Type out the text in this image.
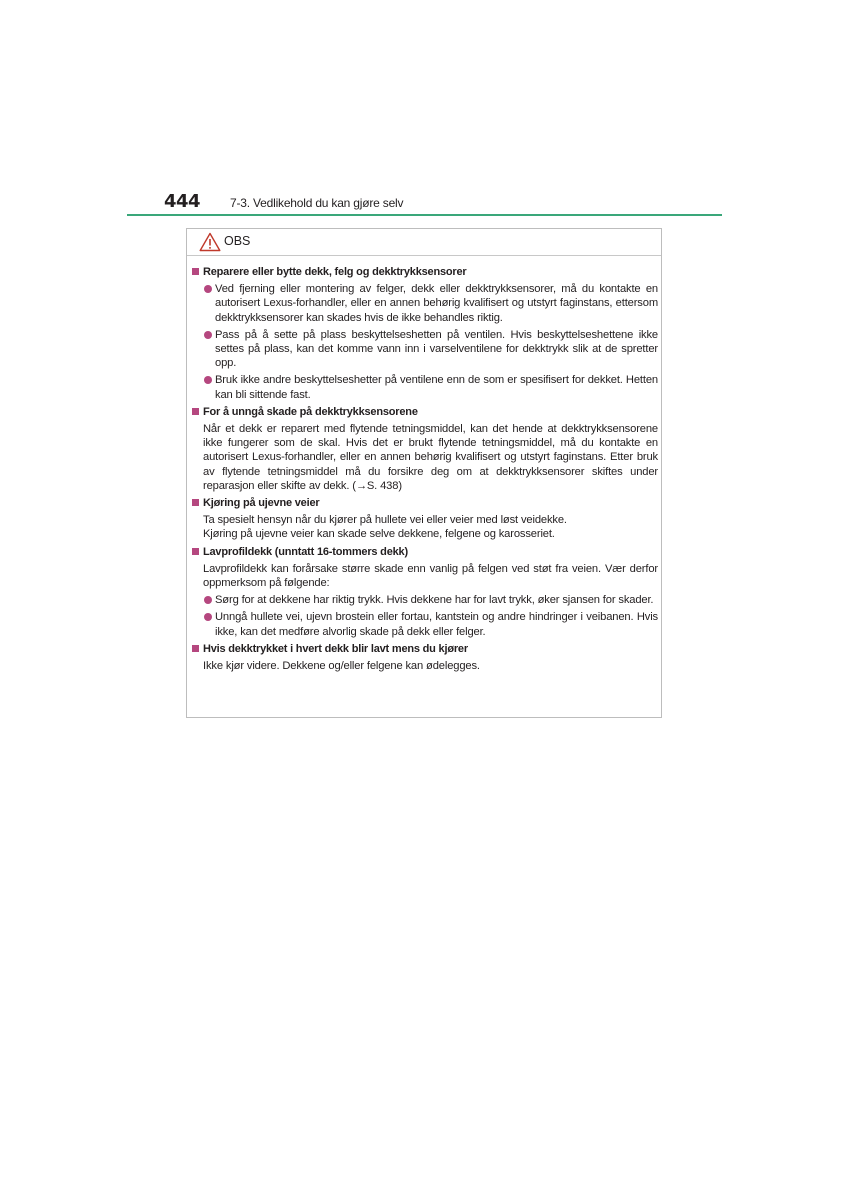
444 7-3. Vedlikehold du kan gjøre selv
OBS
Reparere eller bytte dekk, felg og dekktrykksensorer
Ved fjerning eller montering av felger, dekk eller dekktrykksensorer, må du kontakte en autorisert Lexus-forhandler, eller en annen behørig kvalifisert og utstyrt faginstans, ettersom dekktrykksensorer kan skades hvis de ikke behandles riktig.
Pass på å sette på plass beskyttelseshetten på ventilen. Hvis beskyttelseshettene ikke settes på plass, kan det komme vann inn i varselventilene for dekktrykk slik at de spretter opp.
Bruk ikke andre beskyttelseshetter på ventilene enn de som er spesifisert for dekket. Hetten kan bli sittende fast.
For å unngå skade på dekktrykksensorene

Når et dekk er reparert med flytende tetningsmiddel, kan det hende at dekktrykksensorene ikke fungerer som de skal. Hvis det er brukt flytende tetningsmiddel, må du kontakte en autorisert Lexus-forhandler, eller en annen behørig kvalifisert og utstyrt faginstans. Etter bruk av flytende tetningsmiddel må du forsikre deg om at dekktrykksensorer skiftes under reparasjon eller skifte av dekk. (→S. 438)

Kjøring på ujevne veier

Ta spesielt hensyn når du kjører på hullete vei eller veier med løst veidekke.

Kjøring på ujevne veier kan skade selve dekkene, felgene og karosseriet.

Lavprofildekk (unntatt 16-tommers dekk)

Lavprofildekk kan forårsake større skade enn vanlig på felgen ved støt fra veien. Vær derfor oppmerksom på følgende:

Sørg for at dekkene har riktig trykk. Hvis dekkene har for lavt trykk, øker sjansen for skader.
Unngå hullete vei, ujevn brostein eller fortau, kantstein og andre hindringer i veibanen. Hvis ikke, kan det medføre alvorlig skade på dekk eller felger.
Hvis dekktrykket i hvert dekk blir lavt mens du kjører

Ikke kjør videre. Dekkene og/eller felgene kan ødelegges.
